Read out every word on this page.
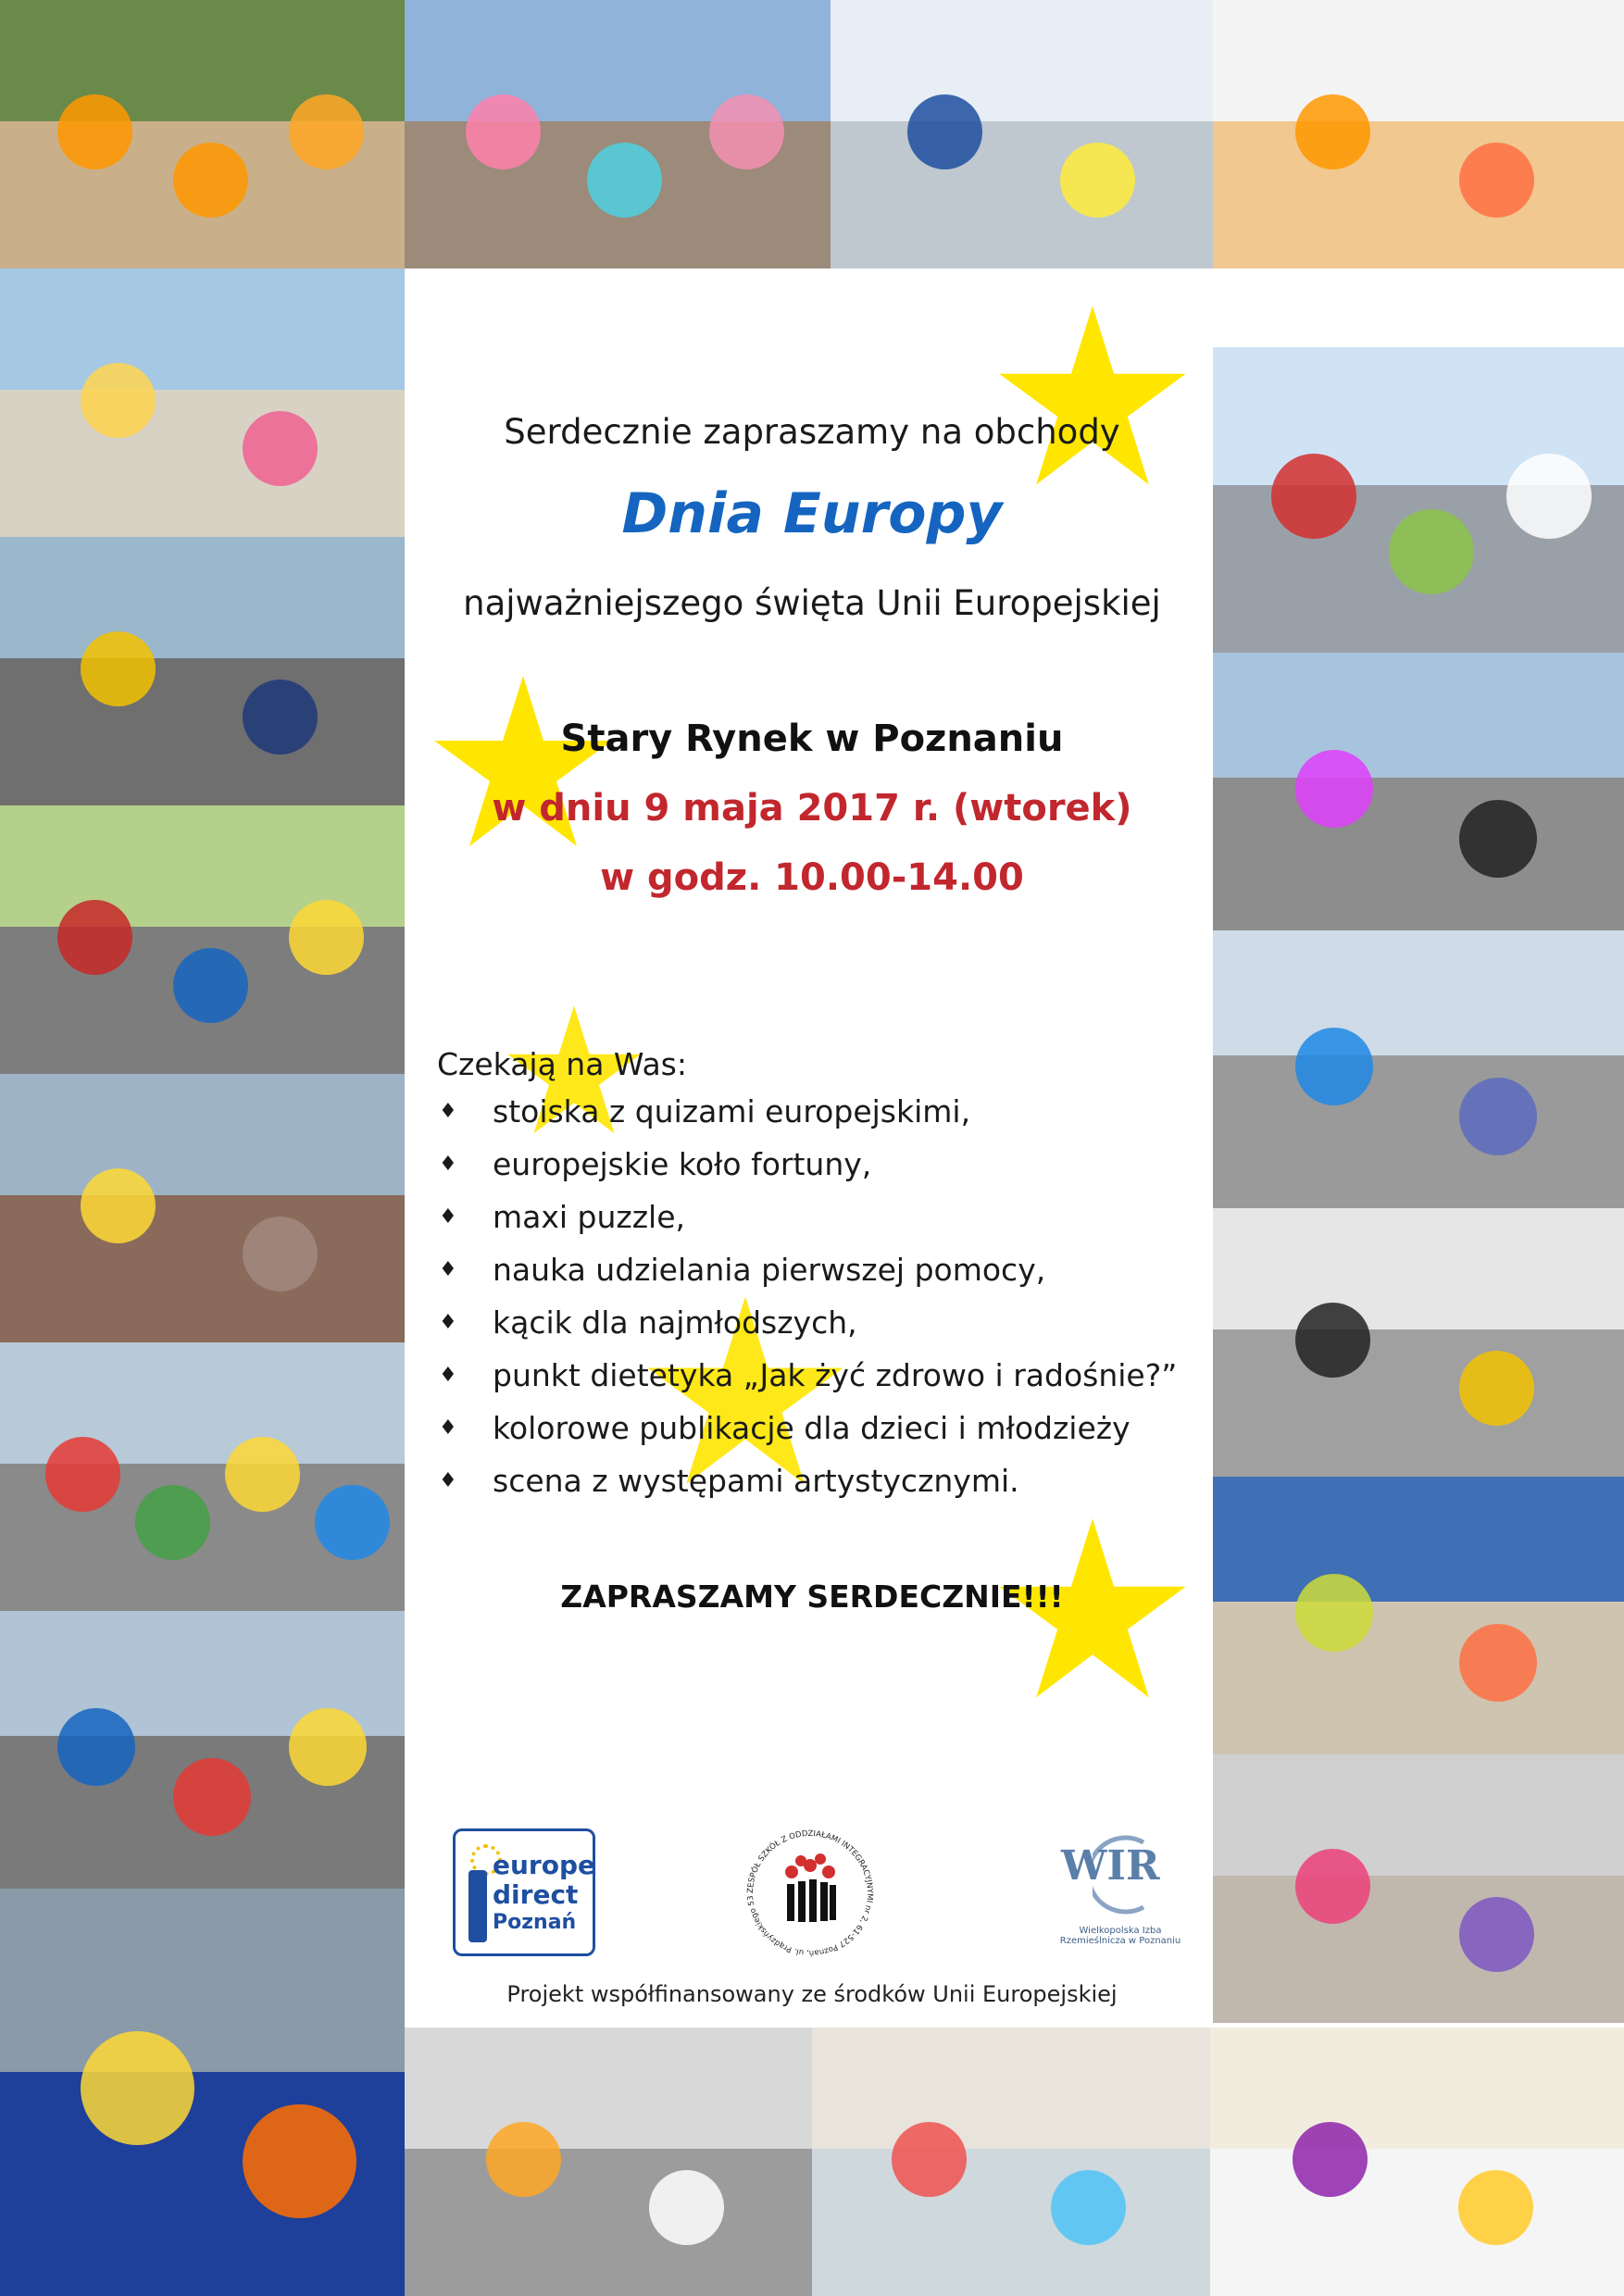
Serdecznie zapraszamy na obchody
Dnia Europy
najważniejszego święta Unii Europejskiej
Stary Rynek w Poznaniu
w dniu 9 maja 2017 r. (wtorek)
w godz. 10.00-14.00
Czekają na Was:
♦ stoiska z quizami europejskimi,
♦ europejskie koło fortuny,
♦ maxi puzzle,
♦ nauka udzielania pierwszej pomocy,
♦ kącik dla najmłodszych,
♦ punkt dietetyka „Jak żyć zdrowo i radośnie?”
♦ kolorowe publikacje dla dzieci i młodzieży
♦ scena z występami artystycznymi.
ZAPRASZAMY SERDECZNIE!!!
europe
direct
Poznań
ZESPÓŁ SZKÓŁ Z ODDZIAŁAMI INTEGRACYJNYMI nr 2, 61-527 Poznań, ul. Prądzyńskiego 53
WIR
Wielkopolska Izba Rzemieślnicza w Poznaniu
Projekt współfinansowany ze środków Unii Europejskiej
